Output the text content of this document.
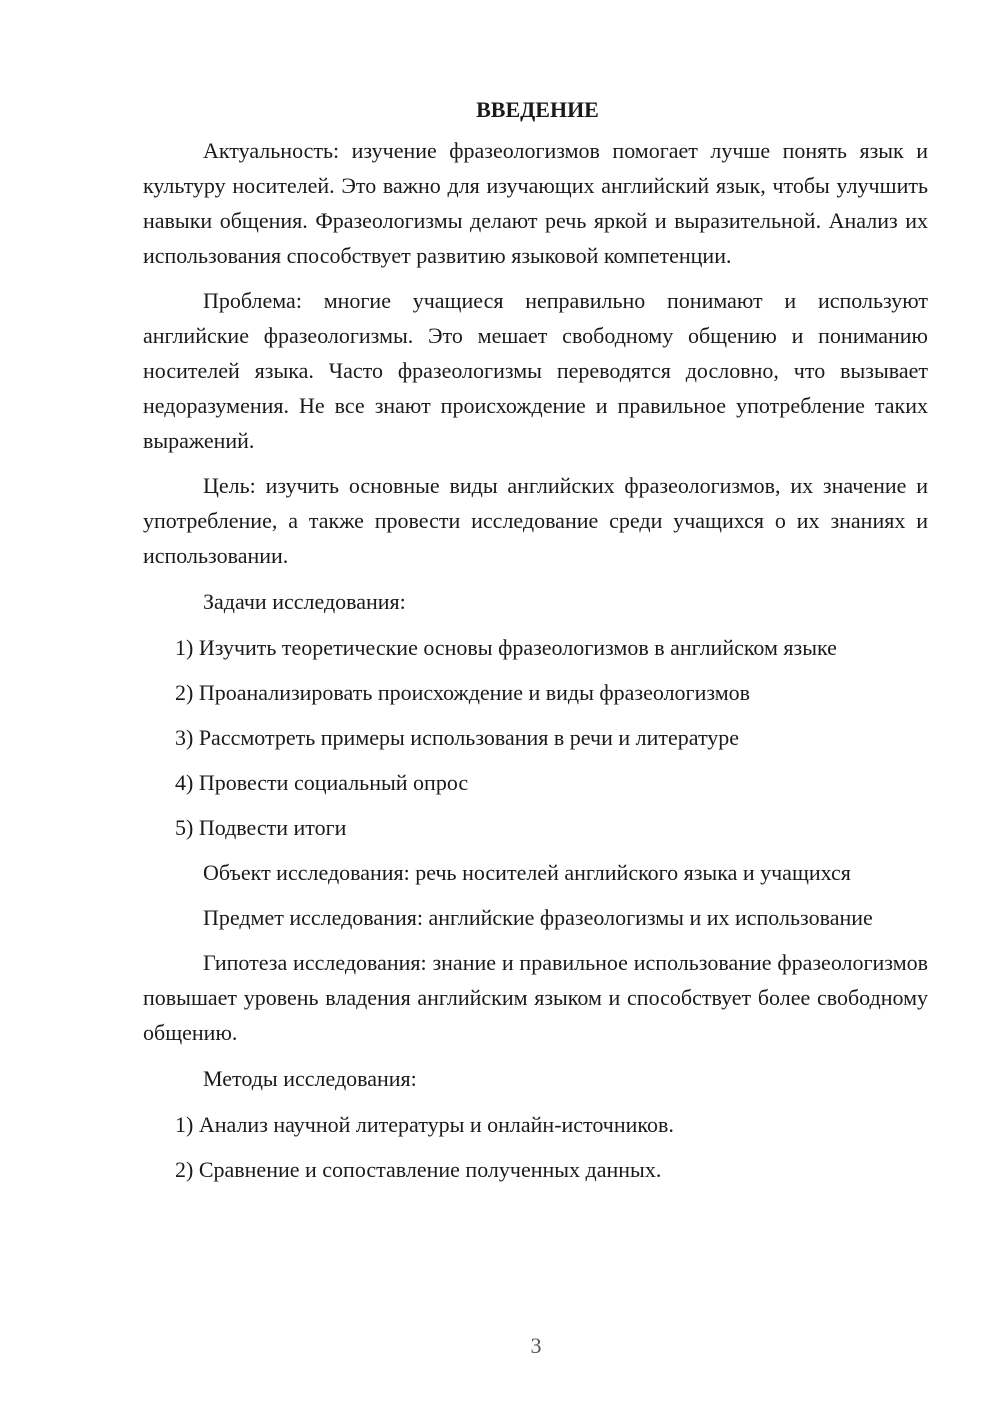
ВВЕДЕНИЕ

Актуальность: изучение фразеологизмов помогает лучше понять язык и культуру носителей. Это важно для изучающих английский язык, чтобы улучшить навыки общения. Фразеологизмы делают речь яркой и выразительной. Анализ их использования способствует развитию языковой компетенции.

Проблема: многие учащиеся неправильно понимают и используют английские фразеологизмы. Это мешает свободному общению и пониманию носителей языка. Часто фразеологизмы переводятся дословно, что вызывает недоразумения. Не все знают происхождение и правильное употребление таких выражений.

Цель: изучить основные виды английских фразеологизмов, их значение и употребление, а также провести исследование среди учащихся о их знаниях и использовании.

Задачи исследования:
1) Изучить теоретические основы фразеологизмов в английском языке
2) Проанализировать происхождение и виды фразеологизмов
3) Рассмотреть примеры использования в речи и литературе
4) Провести социальный опрос
5) Подвести итоги

Объект исследования: речь носителей английского языка и учащихся

Предмет исследования: английские фразеологизмы и их использование

Гипотеза исследования: знание и правильное использование фразеологизмов повышает уровень владения английским языком и способствует более свободному общению.

Методы исследования:
1) Анализ научной литературы и онлайн-источников.
2) Сравнение и сопоставление полученных данных.
3
